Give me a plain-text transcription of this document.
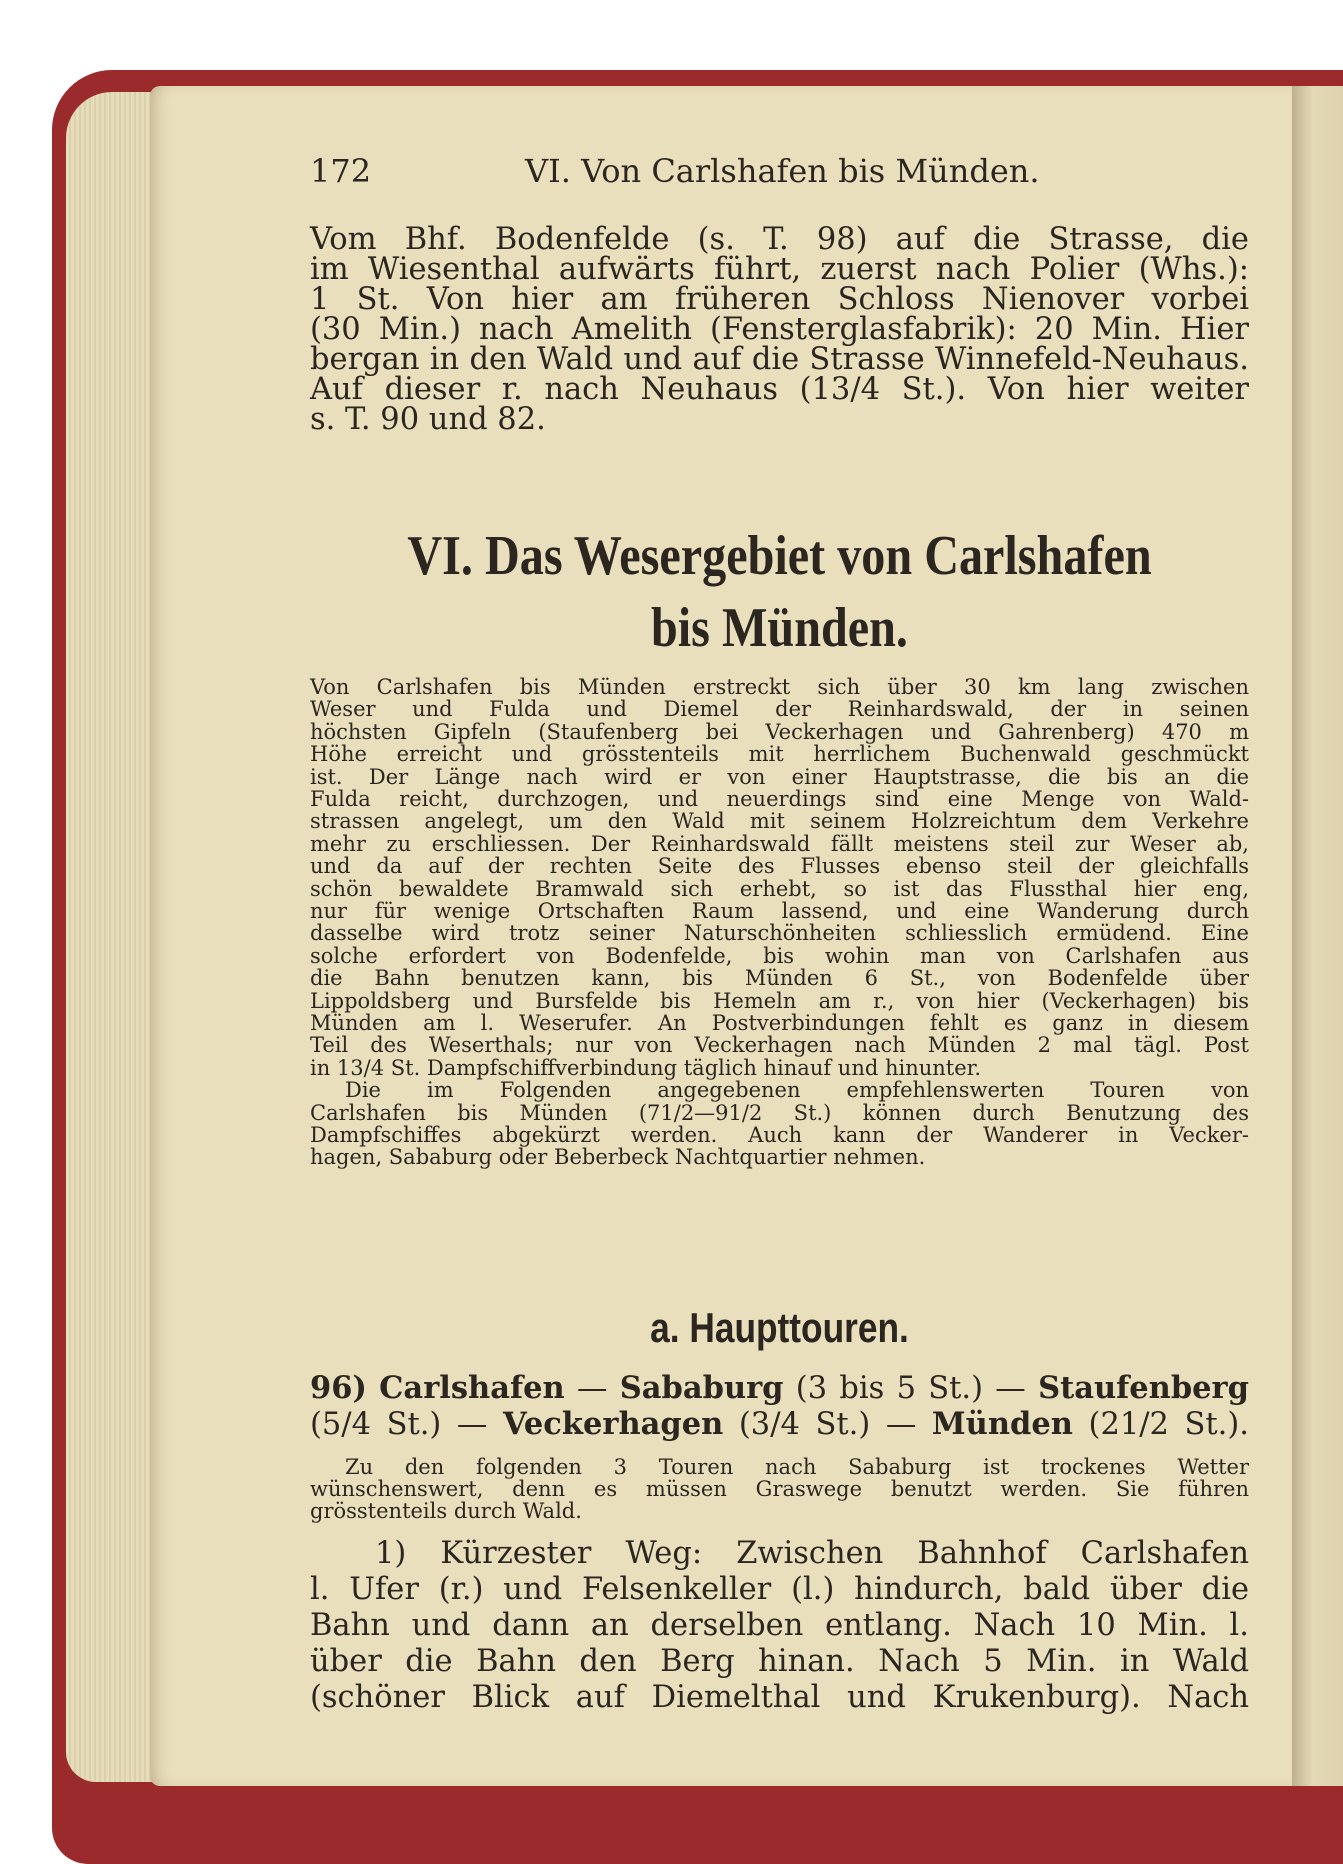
172	VI. Von Carlshafen bis Münden.
Vom Bhf. Bodenfelde (s. T. 98) auf die Strasse, die
im Wiesenthal aufwärts führt, zuerst nach Polier (Whs.):
1 St. Von hier am früheren Schloss Nienover vorbei
(30 Min.) nach Amelith (Fensterglasfabrik): 20 Min. Hier
bergan in den Wald und auf die Strasse Winnefeld-Neuhaus.
Auf dieser r. nach Neuhaus (13/4 St.). Von hier weiter
s. T. 90 und 82.
VI. Das Wesergebiet von Carlshafen
bis Münden.
Von Carlshafen bis Münden erstreckt sich über 30 km lang zwischen
Weser und Fulda und Diemel der Reinhardswald, der in seinen
höchsten Gipfeln (Staufenberg bei Veckerhagen und Gahrenberg) 470 m
Höhe erreicht und grösstenteils mit herrlichem Buchenwald geschmückt
ist. Der Länge nach wird er von einer Hauptstrasse, die bis an die
Fulda reicht, durchzogen, und neuerdings sind eine Menge von Wald-
strassen angelegt, um den Wald mit seinem Holzreichtum dem Verkehre
mehr zu erschliessen. Der Reinhardswald fällt meistens steil zur Weser ab,
und da auf der rechten Seite des Flusses ebenso steil der gleichfalls
schön bewaldete Bramwald sich erhebt, so ist das Flussthal hier eng,
nur für wenige Ortschaften Raum lassend, und eine Wanderung durch
dasselbe wird trotz seiner Naturschönheiten schliesslich ermüdend. Eine
solche erfordert von Bodenfelde, bis wohin man von Carlshafen aus
die Bahn benutzen kann, bis Münden 6 St., von Bodenfelde über
Lippoldsberg und Bursfelde bis Hemeln am r., von hier (Veckerhagen) bis
Münden am l. Weserufer. An Postverbindungen fehlt es ganz in diesem
Teil des Weserthals; nur von Veckerhagen nach Münden 2 mal tägl. Post
in 13/4 St. Dampfschiffverbindung täglich hinauf und hinunter.
Die im Folgenden angegebenen empfehlenswerten Touren von
Carlshafen bis Münden (71/2—91/2 St.) können durch Benutzung des
Dampfschiffes abgekürzt werden. Auch kann der Wanderer in Vecker-
hagen, Sababurg oder Beberbeck Nachtquartier nehmen.
a. Haupttouren.
96) Carlshafen — Sababurg (3 bis 5 St.) — Staufenberg
(5/4 St.) — Veckerhagen (3/4 St.) — Münden (21/2 St.).
Zu den folgenden 3 Touren nach Sababurg ist trockenes Wetter
wünschenswert, denn es müssen Graswege benutzt werden. Sie führen
grösstenteils durch Wald.
1) Kürzester Weg: Zwischen Bahnhof Carlshafen
l. Ufer (r.) und Felsenkeller (l.) hindurch, bald über die
Bahn und dann an derselben entlang. Nach 10 Min. l.
über die Bahn den Berg hinan. Nach 5 Min. in Wald
(schöner Blick auf Diemelthal und Krukenburg). Nach
